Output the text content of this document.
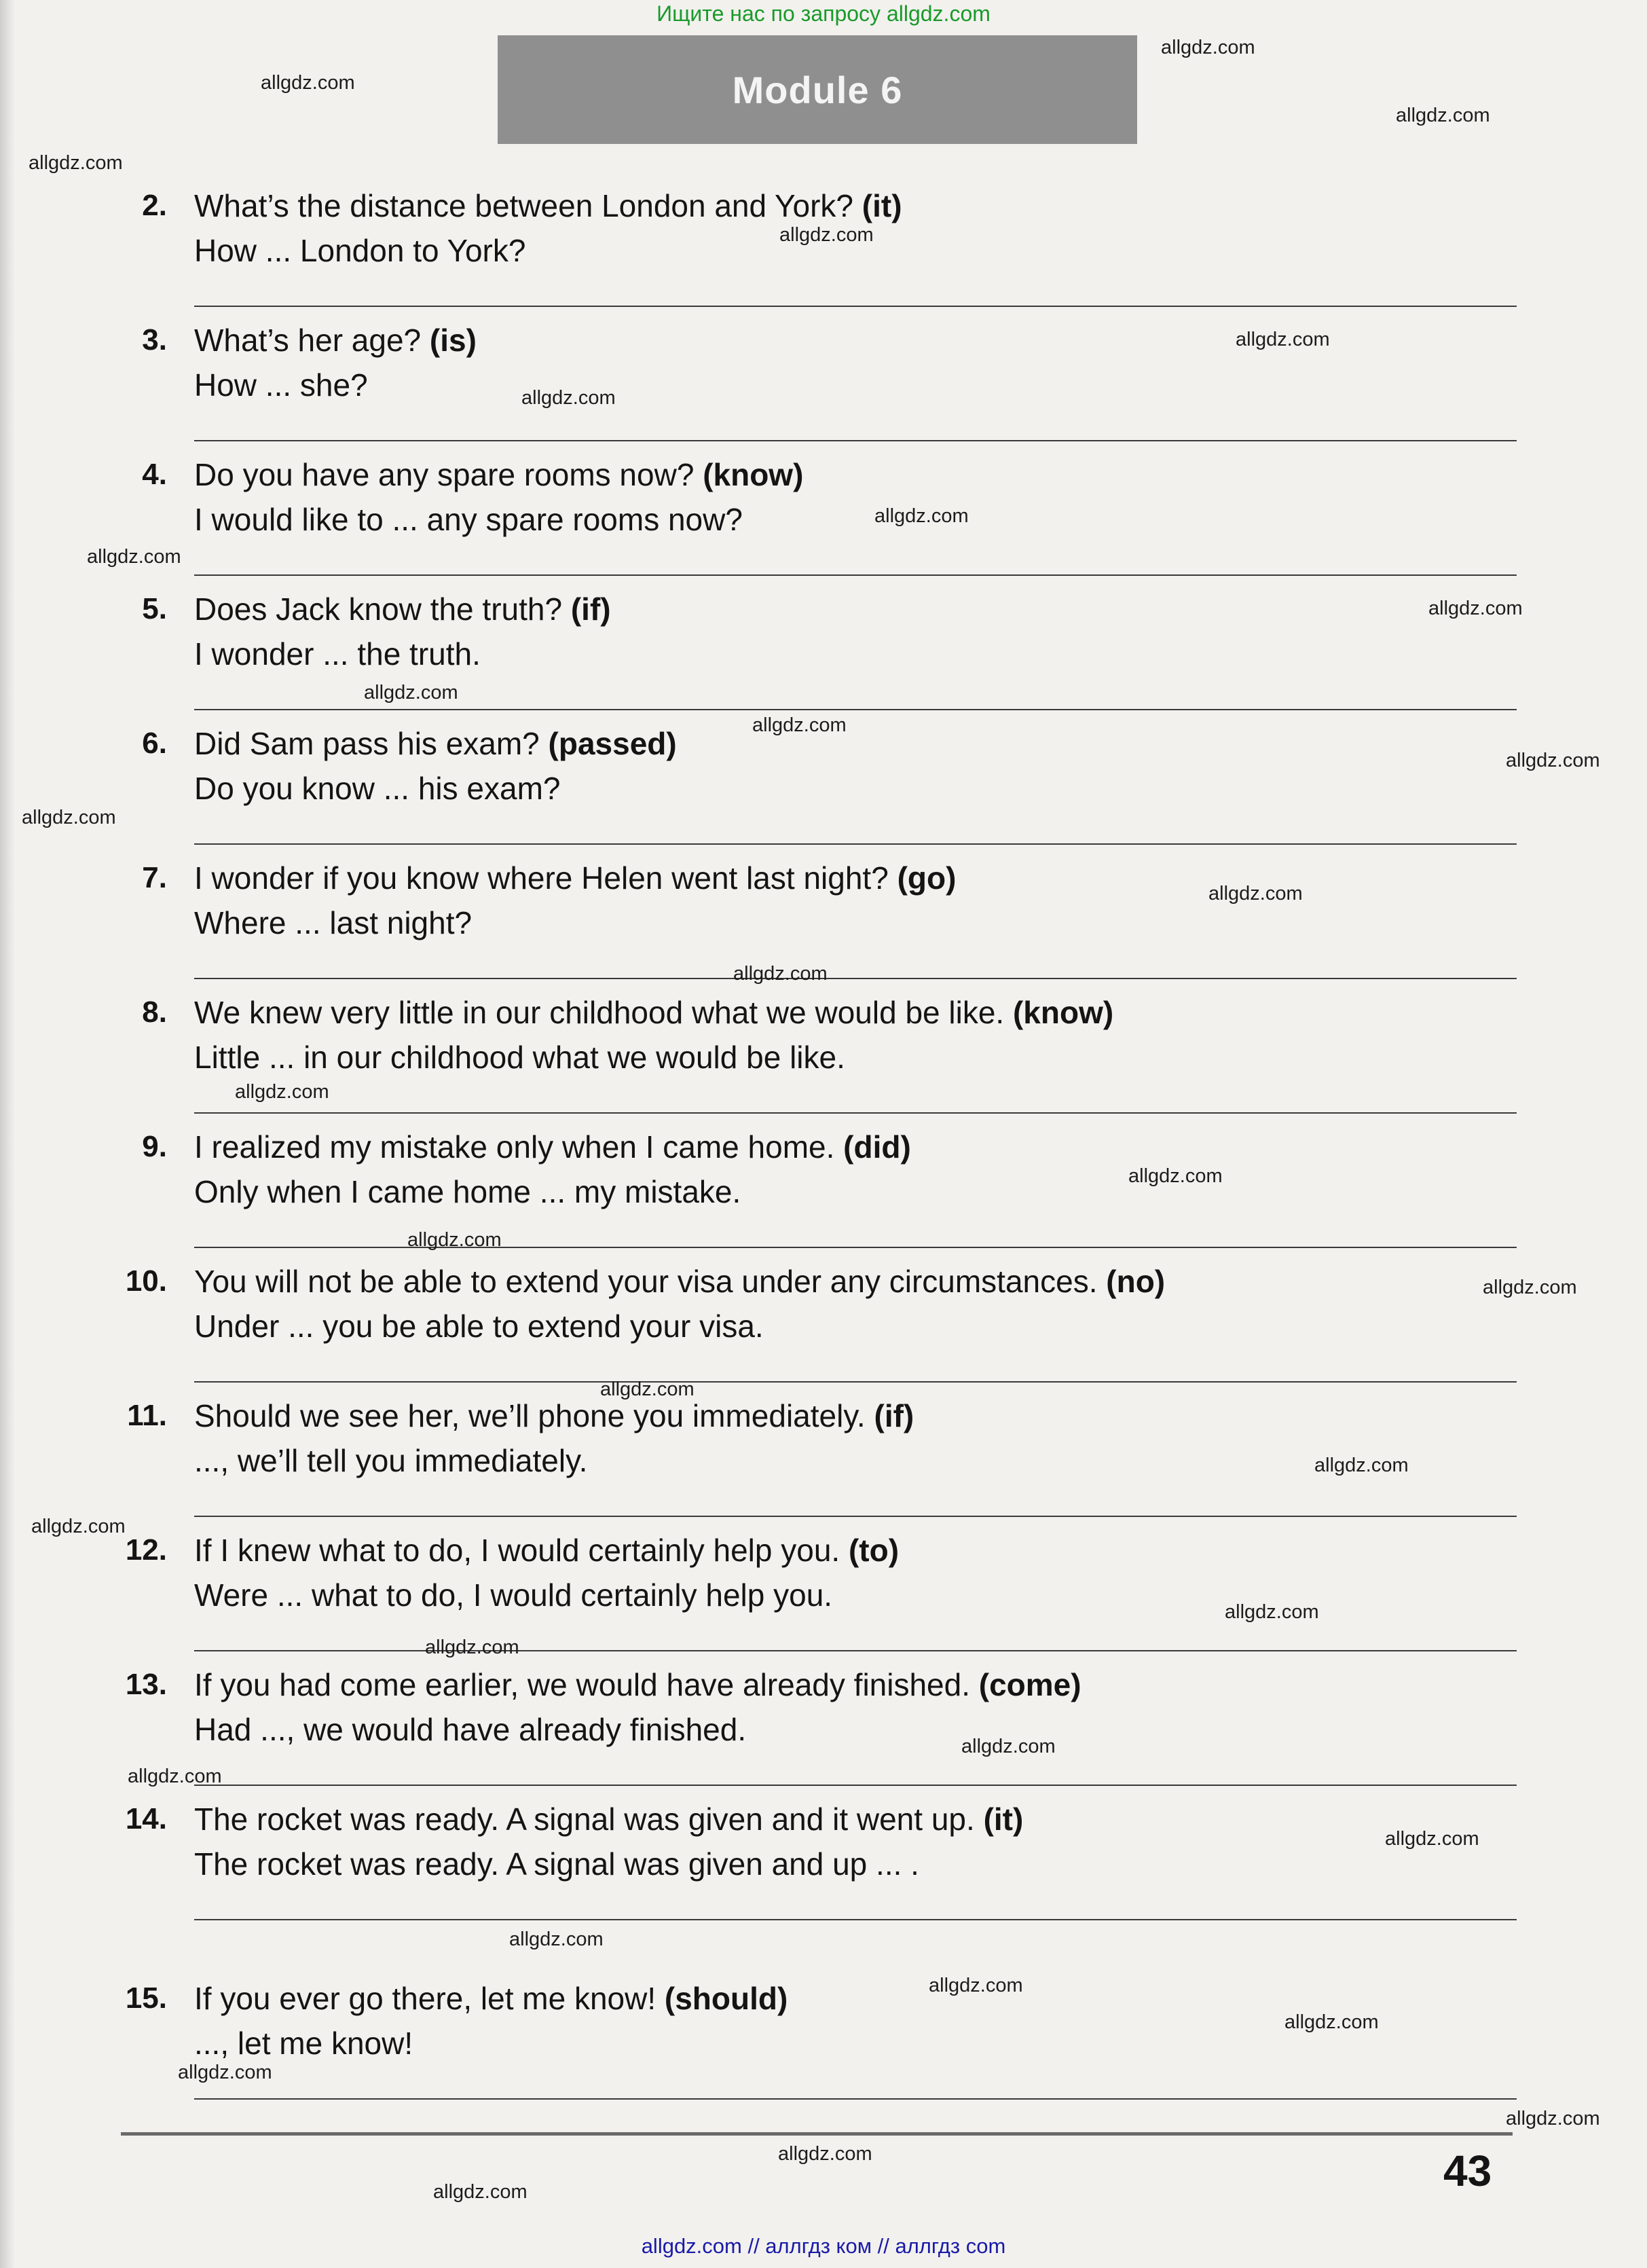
Ищите нас по запросу allgdz.com
Module 6
2. What’s the distance between London and York? (it)
How ... London to York?
3. What’s her age? (is)
How ... she?
4. Do you have any spare rooms now? (know)
I would like to ... any spare rooms now?
5. Does Jack know the truth? (if)
I wonder ... the truth.
6. Did Sam pass his exam? (passed)
Do you know ... his exam?
7. I wonder if you know where Helen went last night? (go)
Where ... last night?
8. We knew very little in our childhood what we would be like. (know)
Little ... in our childhood what we would be like.
9. I realized my mistake only when I came home. (did)
Only when I came home ... my mistake.
10. You will not be able to extend your visa under any circumstances. (no)
Under ... you be able to extend your visa.
11. Should we see her, we’ll phone you immediately. (if)
..., we’ll tell you immediately.
12. If I knew what to do, I would certainly help you. (to)
Were ... what to do, I would certainly help you.
13. If you had come earlier, we would have already finished. (come)
Had ..., we would have already finished.
14. The rocket was ready. A signal was given and it went up. (it)
The rocket was ready. A signal was given and up ... .
15. If you ever go there, let me know! (should)
..., let me know!
43
allgdz.com
allgdz.com
allgdz.com
allgdz.com
allgdz.com
allgdz.com
allgdz.com
allgdz.com
allgdz.com
allgdz.com
allgdz.com
allgdz.com
allgdz.com
allgdz.com
allgdz.com
allgdz.com
allgdz.com
allgdz.com
allgdz.com
allgdz.com
allgdz.com
allgdz.com
allgdz.com
allgdz.com
allgdz.com
allgdz.com
allgdz.com
allgdz.com
allgdz.com
allgdz.com
allgdz.com
allgdz.com
allgdz.com
allgdz.com
allgdz.com
allgdz.com // аллгдз ком // аллгдз com
